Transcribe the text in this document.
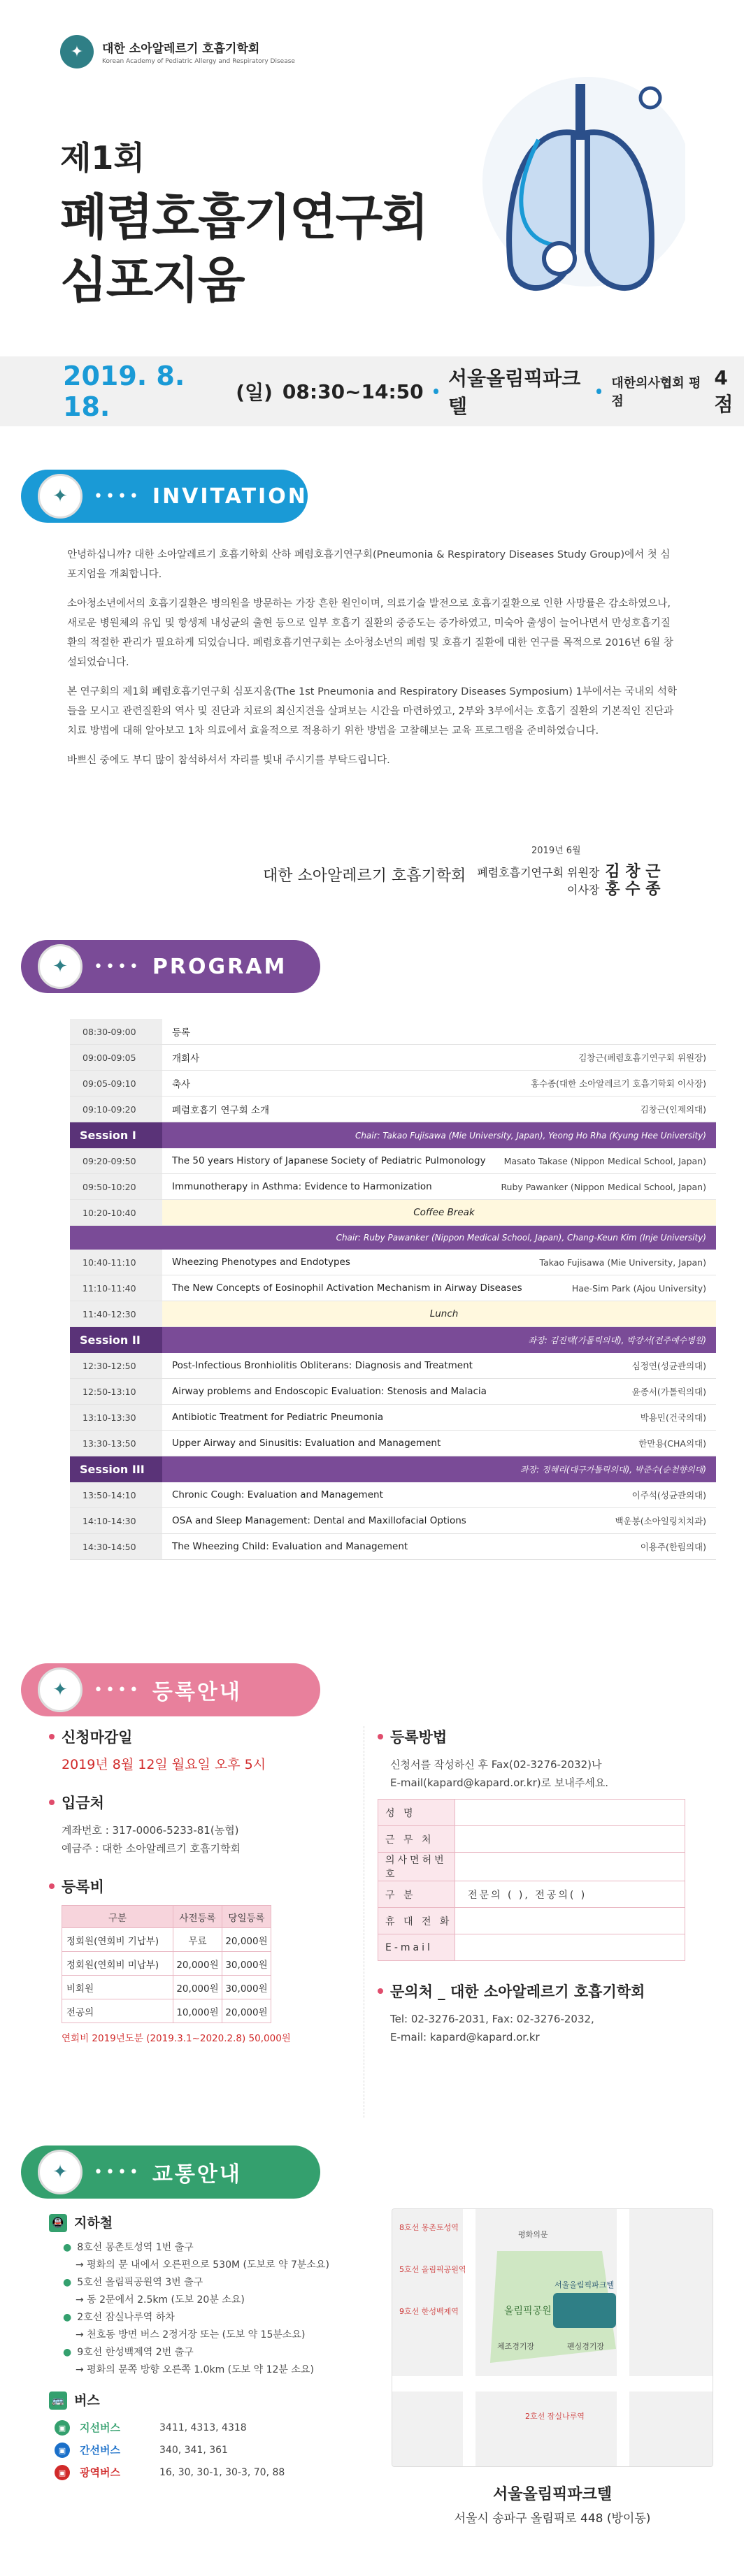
✦	대한 소아알레르기 호흡기학회
Korean Academy of Pediatric Allergy and Respiratory Disease
제1회
폐렴호흡기연구회
심포지움
2019. 8. 18.	(일) 08:30~14:50
서울올림픽파크텔
대한의사협회 평점
4점
✦	•••• INVITATION

안녕하십니까? 대한 소아알레르기 호흡기학회 산하 폐렴호흡기연구회(Pneumonia & Respiratory Diseases Study Group)에서 첫 심포지엄을 개최합니다.

소아청소년에서의 호흡기질환은 병의원을 방문하는 가장 흔한 원인이며, 의료기술 발전으로 호흡기질환으로 인한 사망률은 감소하였으나, 새로운 병원체의 유입 및 항생제 내성균의 출현 등으로 일부 호흡기 질환의 중증도는 증가하였고, 미숙아 출생이 늘어나면서 만성호흡기질환의 적절한 관리가 필요하게 되었습니다. 폐렴호흡기연구회는 소아청소년의 폐렴 및 호흡기 질환에 대한 연구를 목적으로 2016년 6월 창설되었습니다.

본 연구회의 제1회 폐렴호흡기연구회 심포지움(The 1st Pneumonia and Respiratory Diseases Symposium) 1부에서는 국내외 석학들을 모시고 관련질환의 역사 및 진단과 치료의 최신지견을 살펴보는 시간을 마련하였고, 2부와 3부에서는 호흡기 질환의 기본적인 진단과 치료 방법에 대해 알아보고 1차 의료에서 효율적으로 적용하기 위한 방법을 고찰해보는 교육 프로그램을 준비하였습니다.

바쁘신 중에도 부디 많이 참석하셔서 자리를 빛내 주시기를 부탁드립니다.

2019년 6월
대한 소아알레르기 호흡기학회 폐렴호흡기연구회 위원장 김 창 근
이사장 홍 수 종
✦	•••• PROGRAM
08:30-09:00	등록
09:00-09:05	개회사	김창근(폐렴호흡기연구회 위원장)
09:05-09:10	축사	홍수종(대한 소아알레르기 호흡기학회 이사장)
09:10-09:20	폐렴호흡기 연구회 소개	김창근(인제의대)
Session I	Chair: Takao Fujisawa (Mie University, Japan), Yeong Ho Rha (Kyung Hee University)
09:20-09:50	The 50 years History of Japanese Society of Pediatric Pulmonology	Masato Takase (Nippon Medical School, Japan)
09:50-10:20	Immunotherapy in Asthma: Evidence to Harmonization	Ruby Pawanker (Nippon Medical School, Japan)
10:20-10:40	Coffee Break
Chair: Ruby Pawanker (Nippon Medical School, Japan), Chang-Keun Kim (Inje University)
10:40-11:10	Wheezing Phenotypes and Endotypes	Takao Fujisawa (Mie University, Japan)
11:10-11:40	The New Concepts of Eosinophil Activation Mechanism in Airway Diseases	Hae-Sim Park (Ajou University)
11:40-12:30	Lunch
Session II	좌장: 김진택(가톨릭의대), 박강서(전주예수병원)
12:30-12:50	Post-Infectious Bronhiolitis Obliterans: Diagnosis and Treatment	심정연(성균관의대)
12:50-13:10	Airway problems and Endoscopic Evaluation: Stenosis and Malacia	윤종서(가톨릭의대)
13:10-13:30	Antibiotic Treatment for Pediatric Pneumonia	박용민(건국의대)
13:30-13:50	Upper Airway and Sinusitis: Evaluation and Management	한만용(CHA의대)
Session III	좌장: 정혜리(대구가톨릭의대), 박준수(순천향의대)
13:50-14:10	Chronic Cough: Evaluation and Management	이주석(성균관의대)
14:10-14:30	OSA and Sleep Management: Dental and Maxillofacial Options	백운봉(소아일링치치과)
14:30-14:50	The Wheezing Child: Evaluation and Management	이용주(한림의대)
✦	•••• 등록안내
신청마감일
2019년 8월 12일 월요일 오후 5시
입금처
계좌번호 : 317-0006-5233-81(농협)
예금주 : 대한 소아알레르기 호흡기학회
등록비
구분	사전등록	당일등록
정회원(연회비 기납부)	무료	20,000원
정회원(연회비 미납부)	20,000원	30,000원
비회원	20,000원	30,000원
전공의	10,000원	20,000원
연회비 2019년도분 (2019.3.1~2020.2.8) 50,000원
등록방법
신청서를 작성하신 후 Fax(02-3276-2032)나
E-mail(kapard@kapard.or.kr)로 보내주세요.
성 명	
근 무 처	
의사면허번호	
구 분	전문의 ( ), 전공의( )
휴 대 전 화	
E-mail	
문의처 _ 대한 소아알레르기 호흡기학회
Tel: 02-3276-2031, Fax: 02-3276-2032,
E-mail: kapard@kapard.or.kr
✦	•••• 교통안내
🚇 지하철
● 8호선 몽촌토성역 1번 출구
→ 평화의 문 내에서 오른편으로 530M (도보로 약 7분소요)
● 5호선 올림픽공원역 3번 출구
→ 동 2문에서 2.5km (도보 20분 소요)
● 2호선 잠실나루역 하차
→ 천호동 방면 버스 2정거장 또는 (도보 약 15분소요)
● 9호선 한성백제역 2번 출구
→ 평화의 문쪽 방향 오른쪽 1.0km (도보 약 12분 소요)
🚌 버스
▣	지선버스	3411, 4313, 4318
▣	간선버스	340, 341, 361
▣	광역버스	16, 30, 30-1, 30-3, 70, 88
올림픽공원
서울올림픽파크텔
8호선 몽촌토성역
5호선 올림픽공원역
9호선 한성백제역
2호선 잠실나루역
평화의문
체조경기장	펜싱경기장
서울올림픽파크텔
서울시 송파구 올림픽로 448 (방이동)
